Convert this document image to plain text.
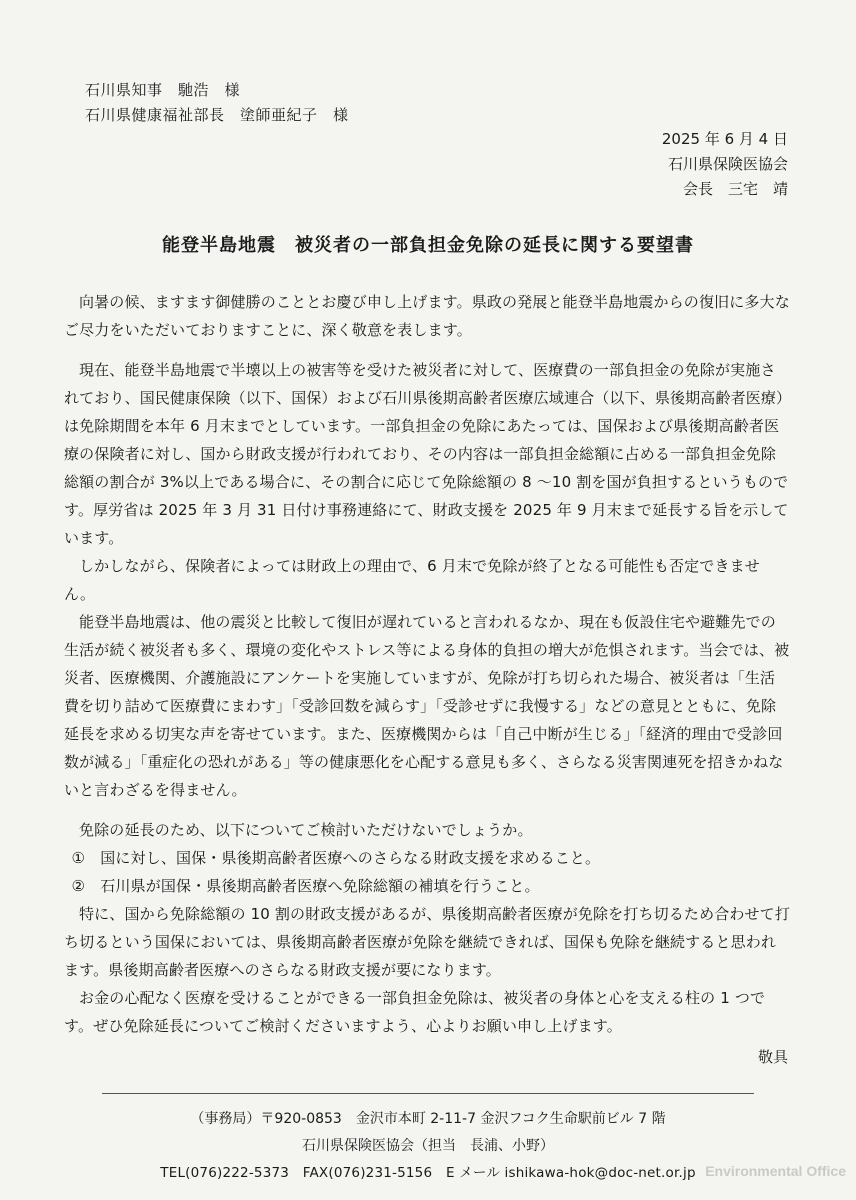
石川県知事　馳浩　様
石川県健康福祉部長　塗師亜紀子　様
2025 年 6 月 4 日
石川県保険医協会
会長　三宅　靖
能登半島地震　被災者の一部負担金免除の延長に関する要望書

向暑の候、ますます御健勝のこととお慶び申し上げます。県政の発展と能登半島地震からの復旧に多大なご尽力をいただいておりますことに、深く敬意を表します。

現在、能登半島地震で半壊以上の被害等を受けた被災者に対して、医療費の一部負担金の免除が実施されており、国民健康保険（以下、国保）および石川県後期高齢者医療広域連合（以下、県後期高齢者医療）は免除期間を本年 6 月末までとしています。一部負担金の免除にあたっては、国保および県後期高齢者医療の保険者に対し、国から財政支援が行われており、その内容は一部負担金総額に占める一部負担金免除総額の割合が 3%以上である場合に、その割合に応じて免除総額の 8 〜10 割を国が負担するというものです。厚労省は 2025 年 3 月 31 日付け事務連絡にて、財政支援を 2025 年 9 月末まで延長する旨を示しています。

しかしながら、保険者によっては財政上の理由で、6 月末で免除が終了となる可能性も否定できません。

能登半島地震は、他の震災と比較して復旧が遅れていると言われるなか、現在も仮設住宅や避難先での生活が続く被災者も多く、環境の変化やストレス等による身体的負担の増大が危惧されます。当会では、被災者、医療機関、介護施設にアンケートを実施していますが、免除が打ち切られた場合、被災者は「生活費を切り詰めて医療費にまわす」「受診回数を減らす」「受診せずに我慢する」などの意見とともに、免除延長を求める切実な声を寄せています。また、医療機関からは「自己中断が生じる」「経済的理由で受診回数が減る」「重症化の恐れがある」等の健康悪化を心配する意見も多く、さらなる災害関連死を招きかねないと言わざるを得ません。

免除の延長のため、以下についてご検討いただけないでしょうか。

①　国に対し、国保・県後期高齢者医療へのさらなる財政支援を求めること。

②　石川県が国保・県後期高齢者医療へ免除総額の補填を行うこと。

特に、国から免除総額の 10 割の財政支援があるが、県後期高齢者医療が免除を打ち切るため合わせて打ち切るという国保においては、県後期高齢者医療が免除を継続できれば、国保も免除を継続すると思われます。県後期高齢者医療へのさらなる財政支援が要になります。

お金の心配なく医療を受けることができる一部負担金免除は、被災者の身体と心を支える柱の 1 つです。ぜひ免除延長についてご検討くださいますよう、心よりお願い申し上げます。

敬具
（事務局）〒920-0853　金沢市本町 2-11-7 金沢フコク生命駅前ビル 7 階
石川県保険医協会（担当　長浦、小野）
TEL(076)222-5373　FAX(076)231-5156　E メール ishikawa-hok@doc-net.or.jp Environmental Office
